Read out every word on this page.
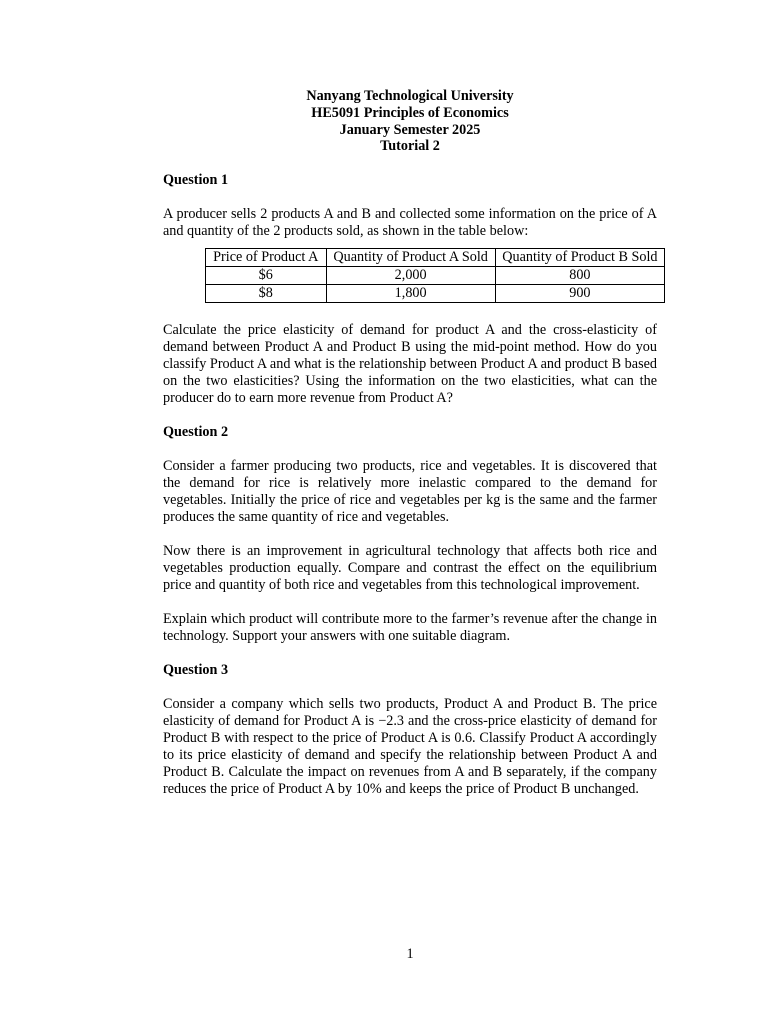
Nanyang Technological University
HE5091 Principles of Economics
January Semester 2025
Tutorial 2

Question 1

A producer sells 2 products A and B and collected some information on the price of A and quantity of the 2 products sold, as shown in the table below:

Price of Product A	Quantity of Product A Sold	Quantity of Product B Sold
$6	2,000	800
$8	1,800	900

Calculate the price elasticity of demand for product A and the cross-elasticity of demand between Product A and Product B using the mid-point method. How do you classify Product A and what is the relationship between Product A and product B based on the two elasticities? Using the information on the two elasticities, what can the producer do to earn more revenue from Product A?

Question 2

Consider a farmer producing two products, rice and vegetables. It is discovered that the demand for rice is relatively more inelastic compared to the demand for vegetables. Initially the price of rice and vegetables per kg is the same and the farmer produces the same quantity of rice and vegetables.

Now there is an improvement in agricultural technology that affects both rice and vegetables production equally. Compare and contrast the effect on the equilibrium price and quantity of both rice and vegetables from this technological improvement.

Explain which product will contribute more to the farmer’s revenue after the change in technology. Support your answers with one suitable diagram.

Question 3

Consider a company which sells two products, Product A and Product B. The price elasticity of demand for Product A is −2.3 and the cross-price elasticity of demand for Product B with respect to the price of Product A is 0.6. Classify Product A accordingly to its price elasticity of demand and specify the relationship between Product A and Product B. Calculate the impact on revenues from A and B separately, if the company reduces the price of Product A by 10% and keeps the price of Product B unchanged.

1
